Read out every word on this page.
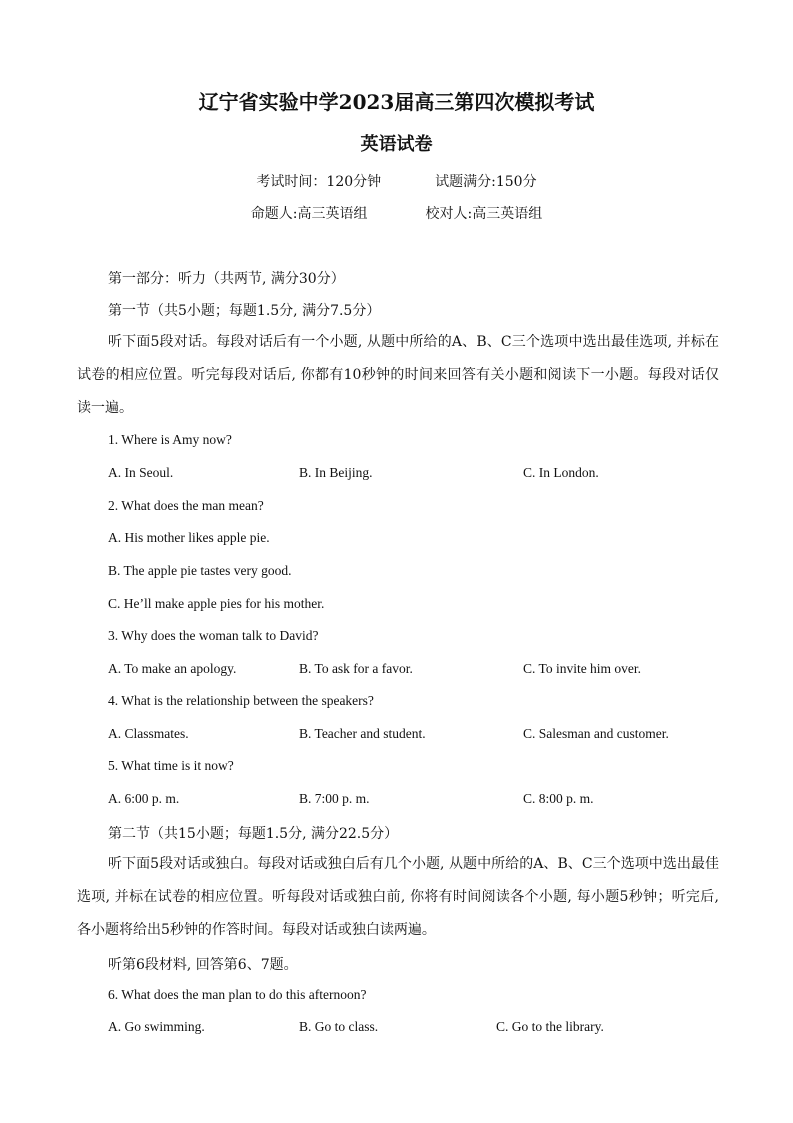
辽宁省实验中学2023届高三第四次模拟考试
英语试卷
考试时间：120分钟	试题满分:150分
命题人:高三英语组	校对人:高三英语组
第一部分：听力（共两节, 满分30分）
第一节（共5小题；每题1.5分, 满分7.5分）
听下面5段对话。每段对话后有一个小题, 从题中所给的A、B、C三个选项中选出最佳选项, 并标在试卷的相应位置。听完每段对话后, 你都有10秒钟的时间来回答有关小题和阅读下一小题。每段对话仅读一遍。
1. Where is Amy now?
A. In Seoul.	B. In Beijing.	C. In London.
2. What does the man mean?
A. His mother likes apple pie.
B. The apple pie tastes very good.
C. He’ll make apple pies for his mother.
3. Why does the woman talk to David?
A. To make an apology.	B. To ask for a favor.	C. To invite him over.
4. What is the relationship between the speakers?
A. Classmates.	B. Teacher and student.	C. Salesman and customer.
5. What time is it now?
A. 6:00 p. m.	B. 7:00 p. m.	C. 8:00 p. m.
第二节（共15小题；每题1.5分, 满分22.5分）
听下面5段对话或独白。每段对话或独白后有几个小题, 从题中所给的A、B、C三个选项中选出最佳选项, 并标在试卷的相应位置。听每段对话或独白前, 你将有时间阅读各个小题, 每小题5秒钟；听完后, 各小题将给出5秒钟的作答时间。每段对话或独白读两遍。
听第6段材料, 回答第6、7题。
6. What does the man plan to do this afternoon?
A. Go swimming.	B. Go to class.	C. Go to the library.
